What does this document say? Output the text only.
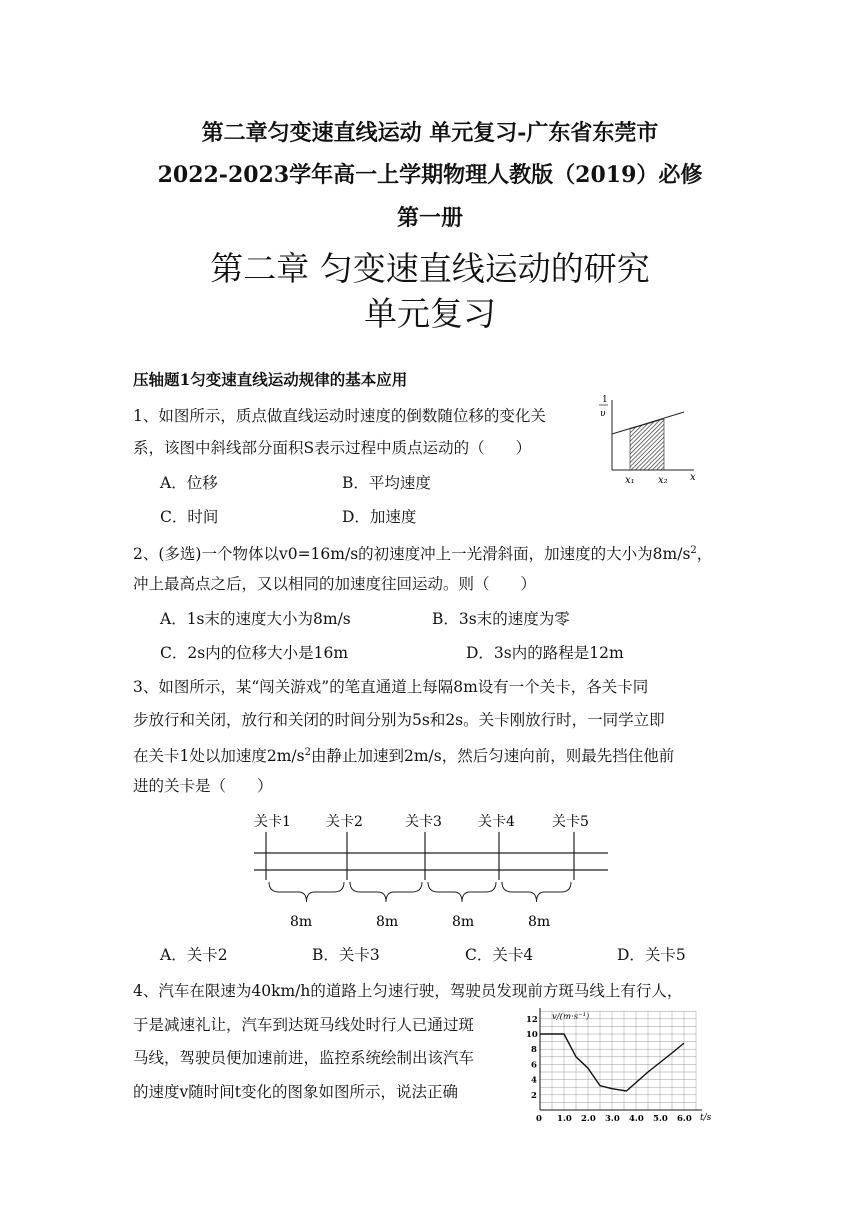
第二章匀变速直线运动 单元复习-广东省东莞市
2022-2023学年高一上学期物理人教版（2019）必修
第一册
第二章 匀变速直线运动的研究
单元复习
压轴题1匀变速直线运动规律的基本应用
1、如图所示，质点做直线运动时速度的倒数随位移的变化关
系，该图中斜线部分面积S表示过程中质点运动的（　　）
A．位移	B．平均速度
C．时间	D．加速度
1
υ
x₁ x₂ x
2、(多选)一个物体以v0=16m/s的初速度冲上一光滑斜面，加速度的大小为$8m/s^2$，
冲上最高点之后，又以相同的加速度往回运动。则（　　）
A．1s末的速度大小为8m/s	B．3s末的速度为零
C．2s内的位移大小是16m	D．3s内的路程是12m
3、如图所示，某“闯关游戏”的笔直通道上每隔8m设有一个关卡，各关卡同
步放行和关闭，放行和关闭的时间分别为5s和2s。关卡刚放行时，一同学立即
在关卡1处以加速度$2m/s^2$由静止加速到2m/s，然后匀速向前，则最先挡住他前
进的关卡是（　　）
关卡1	关卡2	关卡3	关卡4	关卡5
8m	8m	8m	8m
A．关卡2	B．关卡3	C．关卡4	D．关卡5
4、汽车在限速为40km/h的道路上匀速行驶，驾驶员发现前方斑马线上有行人，
于是减速礼让，汽车到达斑马线处时行人已通过斑
马线，驾驶员便加速前进，监控系统绘制出该汽车
的速度v随时间t变化的图象如图所示，说法正确
v/(m·s⁻¹)
t/s
0 1.0 2.0 3.0 4.0 5.0 6.0
2
4
6
8
10
12
